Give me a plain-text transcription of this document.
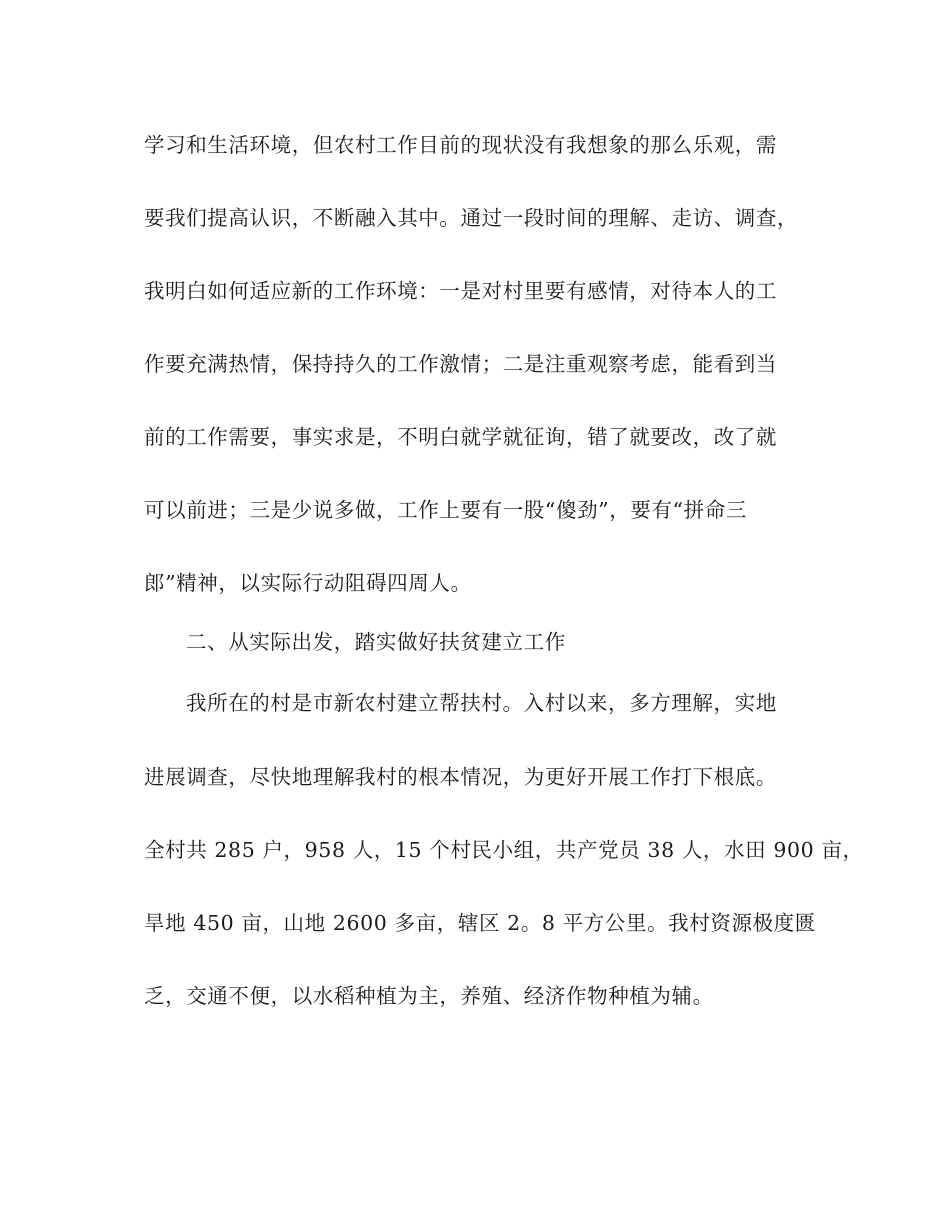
学习和生活环境，但农村工作目前的现状没有我想象的那么乐观，需
要我们提高认识，不断融入其中。通过一段时间的理解、走访、调查，
我明白如何适应新的工作环境：一是对村里要有感情，对待本人的工
作要充满热情，保持持久的工作激情；二是注重观察考虑，能看到当
前的工作需要，事实求是，不明白就学就征询，错了就要改，改了就
可以前进；三是少说多做，工作上要有一股“傻劲”，要有“拼命三
郎”精神，以实际行动阻碍四周人。
二、从实际出发，踏实做好扶贫建立工作
我所在的村是市新农村建立帮扶村。入村以来，多方理解，实地
进展调查，尽快地理解我村的根本情况，为更好开展工作打下根底。
全村共 285 户，958 人，15 个村民小组，共产党员 38 人，水田 900 亩，
旱地 450 亩，山地 2600 多亩，辖区 2。8 平方公里。我村资源极度匮
乏，交通不便，以水稻种植为主，养殖、经济作物种植为辅。
